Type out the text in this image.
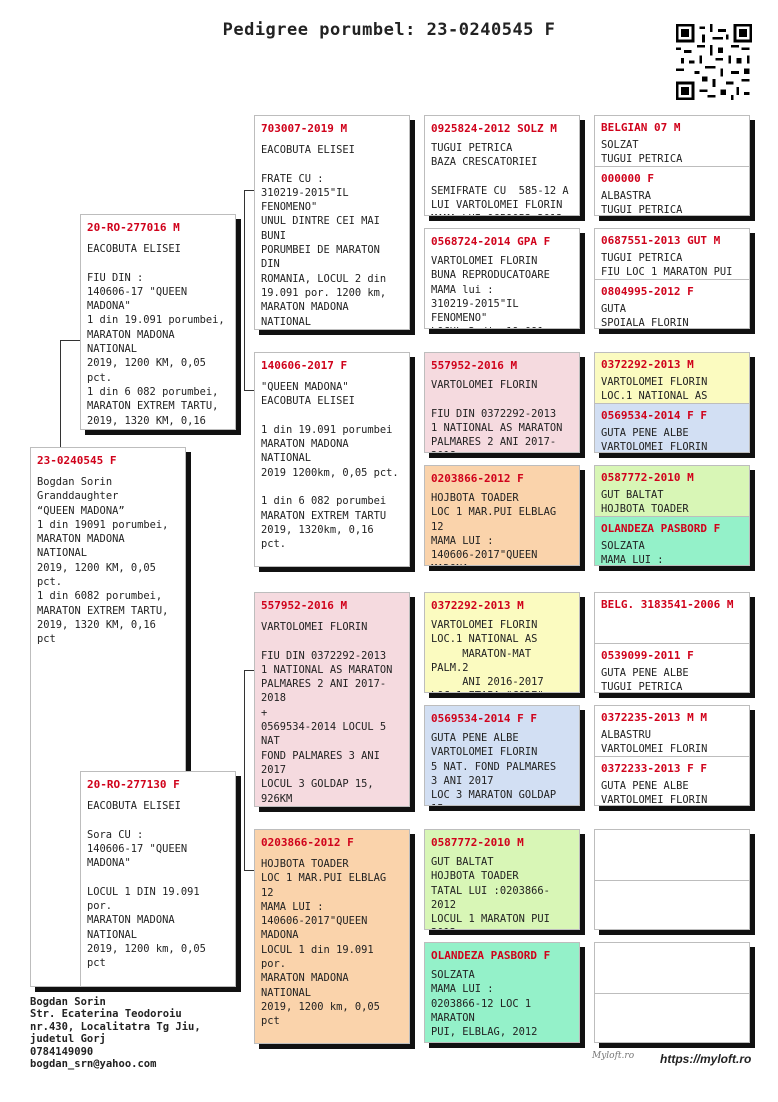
Pedigree porumbel: 23-0240545 F
23-0240545 F
Bogdan Sorin
Granddaughter
“QUEEN MADONA”
1 din 19091 porumbei,
MARATON MADONA NATIONAL
2019, 1200 KM, 0,05 pct.
1 din 6082 porumbei,
MARATON EXTREM TARTU,
2019, 1320 KM, 0,16 pct
20-RO-277016 M
EACOBUTA ELISEI

FIU DIN :
140606-17 "QUEEN MADONA"
1 din 19.091 porumbei,
MARATON MADONA NATIONAL
2019, 1200 KM, 0,05 pct.
1 din 6 082 porumbei,
MARATON EXTREM TARTU,
2019, 1320 KM, 0,16

20-RO-277130 F
EACOBUTA ELISEI

Sora CU :
140606-17 "QUEEN MADONA"

LOCUL 1 DIN 19.091 por.
MARATON MADONA NATIONAL
2019, 1200 km, 0,05 pct

703007-2019 M
EACOBUTA ELISEI

FRATE CU :
310219-2015"IL FENOMENO"
UNUL DINTRE CEI MAI BUNI
PORUMBEI DE MARATON DIN
ROMANIA, LOCUL 2 din
19.091 por. 1200 km,
MARATON MADONA NATIONAL

140606-2017 F
"QUEEN MADONA"
EACOBUTA ELISEI

1 din 19.091 porumbei
MARATON MADONA NATIONAL
2019 1200km, 0,05 pct.

1 din 6 082 porumbei
MARATON EXTREM TARTU
2019, 1320km, 0,16 pct.

557952-2016 M
VARTOLOMEI FLORIN

FIU DIN 0372292-2013
1 NATIONAL AS MARATON
PALMARES 2 ANI 2017-2018
+
0569534-2014 LOCUL 5 NAT
FOND PALMARES 3 ANI 2017
LOCUL 3 GOLDAP 15, 926KM

0203866-2012 F
HOJBOTA TOADER
LOC 1 MAR.PUI ELBLAG 12
MAMA LUI :
140606-2017"QUEEN MADONA
LOCUL 1 din 19.091 por.
MARATON MADONA NATIONAL
2019, 1200 km, 0,05 pct

0925824-2012 SOLZ M
TUGUI PETRICA
BAZA CRESCATORIEI

SEMIFRATE CU  585-12 A
LUI VARTOLOMEI FLORIN

0568724-2014 GPA F
VARTOLOMEI FLORIN
BUNA REPRODUCATOARE
MAMA lui :
310219-2015"IL FENOMENO"

557952-2016 M
VARTOLOMEI FLORIN

FIU DIN 0372292-2013
1 NATIONAL AS MARATON
PALMARES 2 ANI 2017-
0203866-2012 F
HOJBOTA TOADER
LOC 1 MAR.PUI ELBLAG 12
MAMA LUI :
140606-2017"QUEEN

0372292-2013 M
VARTOLOMEI FLORIN
LOC.1 NATIONAL AS
MARATON-MAT PALM.2
ANI 2016-2017

0569534-2014 F F
GUTA PENE ALBE
VARTOLOMEI FLORIN
5 NAT. FOND PALMARES
3 ANI 2017
LOC 3 MARATON GOLDAP

0587772-2010 M
GUT BALTAT
HOJBOTA TOADER
TATAL LUI :0203866-2012
LOCUL 1 MARATON PUI

OLANDEZA PASBORD F
SOLZATA
MAMA LUI :
0203866-12 LOC 1 MARATON
PUI, ELBLAG, 2012

BELGIAN 07 M
SOLZAT
TUGUI PETRICA
000000 F
ALBASTRA
TUGUI PETRICA
0687551-2013 GUT M
TUGUI PETRICA
FIU LOC 1 MARATON PUI
0804995-2012 F
GUTA
SPOIALA FLORIN
0372292-2013 M
VARTOLOMEI FLORIN
LOC.1 NATIONAL AS
0569534-2014 F F
GUTA PENE ALBE
VARTOLOMEI FLORIN
0587772-2010 M
GUT BALTAT
HOJBOTA TOADER
OLANDEZA PASBORD F
SOLZATA
MAMA LUI :
BELG. 3183541-2006 M
0539099-2011 F
GUTA PENE ALBE
TUGUI PETRICA
0372235-2013 M M
ALBASTRU
VARTOLOMEI FLORIN
0372233-2013 F F
GUTA PENE ALBE
VARTOLOMEI FLORIN
Bogdan Sorin
Str. Ecaterina Teodoroiu
nr.430, Localitatra Tg Jiu,
judetul Gorj
0784149090
bogdan_srn@yahoo.com
Myloft.ro https://myloft.ro
